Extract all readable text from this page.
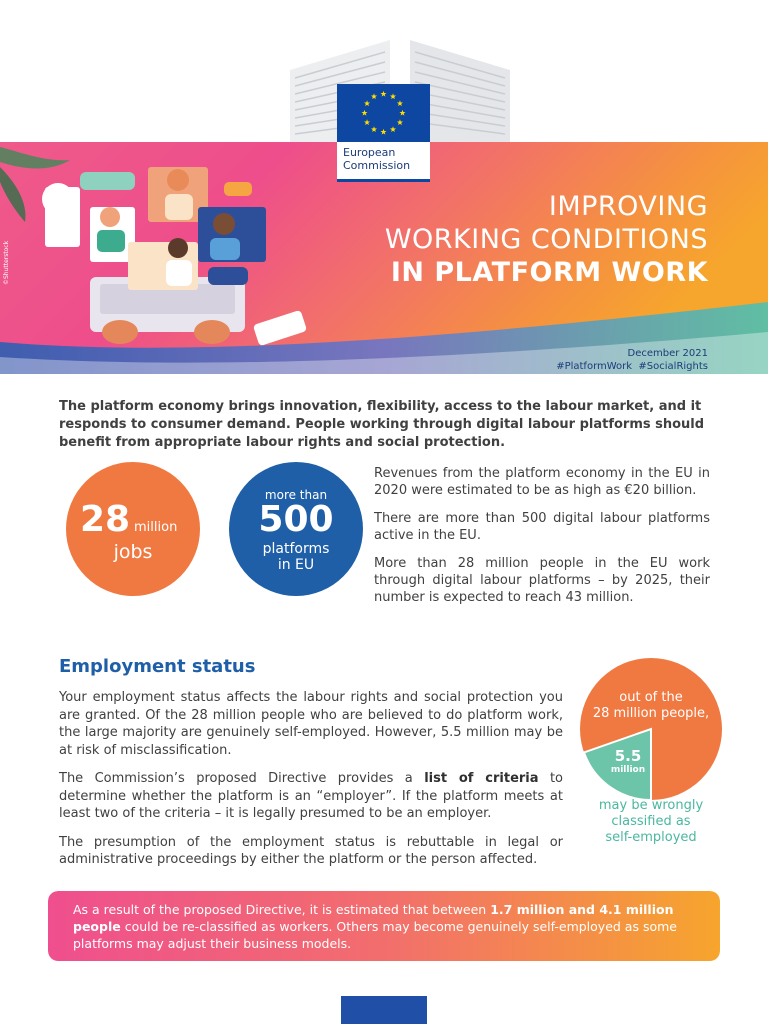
©Shutterstock
European
Commission
IMPROVING
WORKING CONDITIONS
IN PLATFORM WORK
December 2021
#PlatformWork  #SocialRights
The platform economy brings innovation, flexibility, access to the labour market, and it responds to consumer demand. People working through digital labour platforms should benefit from appropriate labour rights and social protection.
28 million
jobs
more than
500
platforms
in EU

Revenues from the platform economy in the EU in 2020 were estimated to be as high as €20 billion.

There are more than 500 digital labour platforms active in the EU.

More than 28 million people in the EU work through digital labour platforms – by 2025, their number is expected to reach 43 million.

Employment status

Your employment status affects the labour rights and social protection you are granted. Of the 28 million people who are believed to do platform work, the large majority are genuinely self-employed. However, 5.5 million may be at risk of misclassification.

The Commission’s proposed Directive provides a list of criteria to determine whether the platform is an “employer”. If the platform meets at least two of the criteria – it is legally presumed to be an employer.

The presumption of the employment status is rebuttable in legal or administrative proceedings by either the platform or the person affected.

out of the
28 million people,
5.5
million
may be wrongly
classified as
self-employed
As a result of the proposed Directive, it is estimated that between 1.7 million and 4.1 million people could be re-classified as workers. Others may become genuinely self-employed as some platforms may adjust their business models.
